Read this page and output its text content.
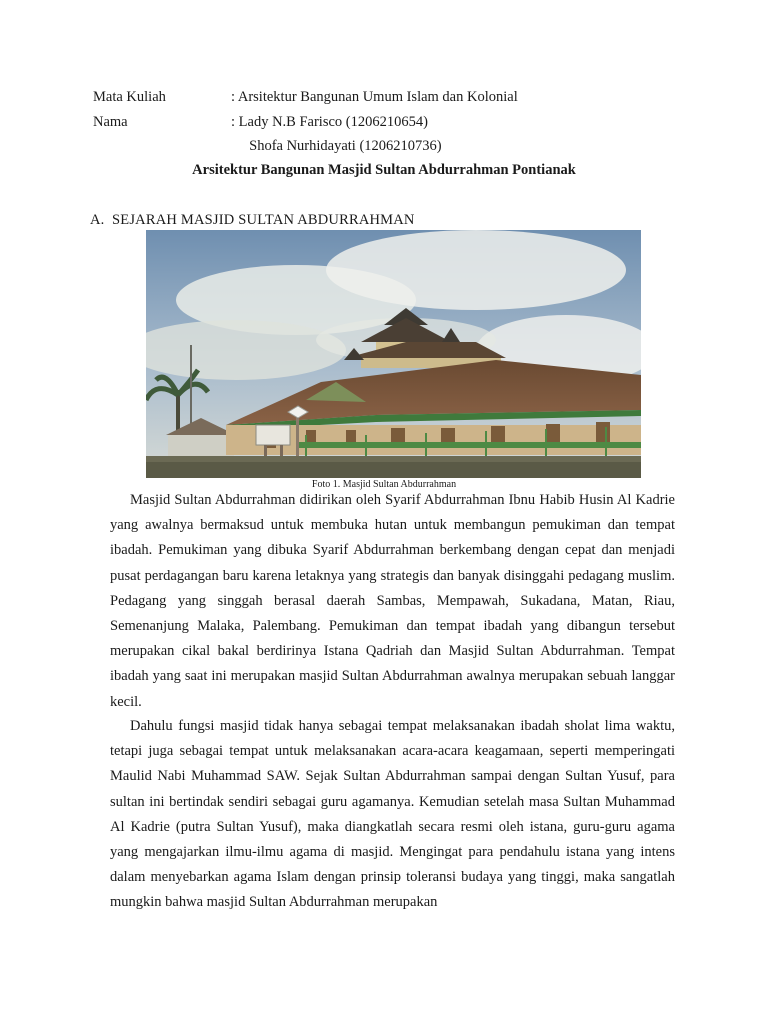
Mata Kuliah	: Arsitektur Bangunan Umum Islam dan Kolonial
Nama	: Lady N.B Farisco (1206210654)
Shofa Nurhidayati (1206210736)
Arsitektur Bangunan Masjid Sultan Abdurrahman Pontianak
A. SEJARAH MASJID SULTAN ABDURRAHMAN
Foto 1. Masjid Sultan Abdurrahman

Masjid Sultan Abdurrahman didirikan oleh Syarif Abdurrahman Ibnu Habib Husin Al Kadrie yang awalnya bermaksud untuk membuka hutan untuk membangun pemukiman dan tempat ibadah. Pemukiman yang dibuka Syarif Abdurrahman berkembang dengan cepat dan menjadi pusat perdagangan baru karena letaknya yang strategis dan banyak disinggahi pedagang muslim. Pedagang yang singgah berasal daerah Sambas, Mempawah, Sukadana, Matan, Riau, Semenanjung Malaka, Palembang. Pemukiman dan tempat ibadah yang dibangun tersebut merupakan cikal bakal berdirinya Istana Qadriah dan Masjid Sultan Abdurrahman. Tempat ibadah yang saat ini merupakan masjid Sultan Abdurrahman awalnya merupakan sebuah langgar kecil.

Dahulu fungsi masjid tidak hanya sebagai tempat melaksanakan ibadah sholat lima waktu, tetapi juga sebagai tempat untuk melaksanakan acara-acara keagamaan, seperti memperingati Maulid Nabi Muhammad SAW. Sejak Sultan Abdurrahman sampai dengan Sultan Yusuf, para sultan ini bertindak sendiri sebagai guru agamanya. Kemudian setelah masa Sultan Muhammad Al Kadrie (putra Sultan Yusuf), maka diangkatlah secara resmi oleh istana, guru-guru agama yang mengajarkan ilmu-ilmu agama di masjid. Mengingat para pendahulu istana yang intens dalam menyebarkan agama Islam dengan prinsip toleransi budaya yang tinggi, maka sangatlah mungkin bahwa masjid Sultan Abdurrahman merupakan
